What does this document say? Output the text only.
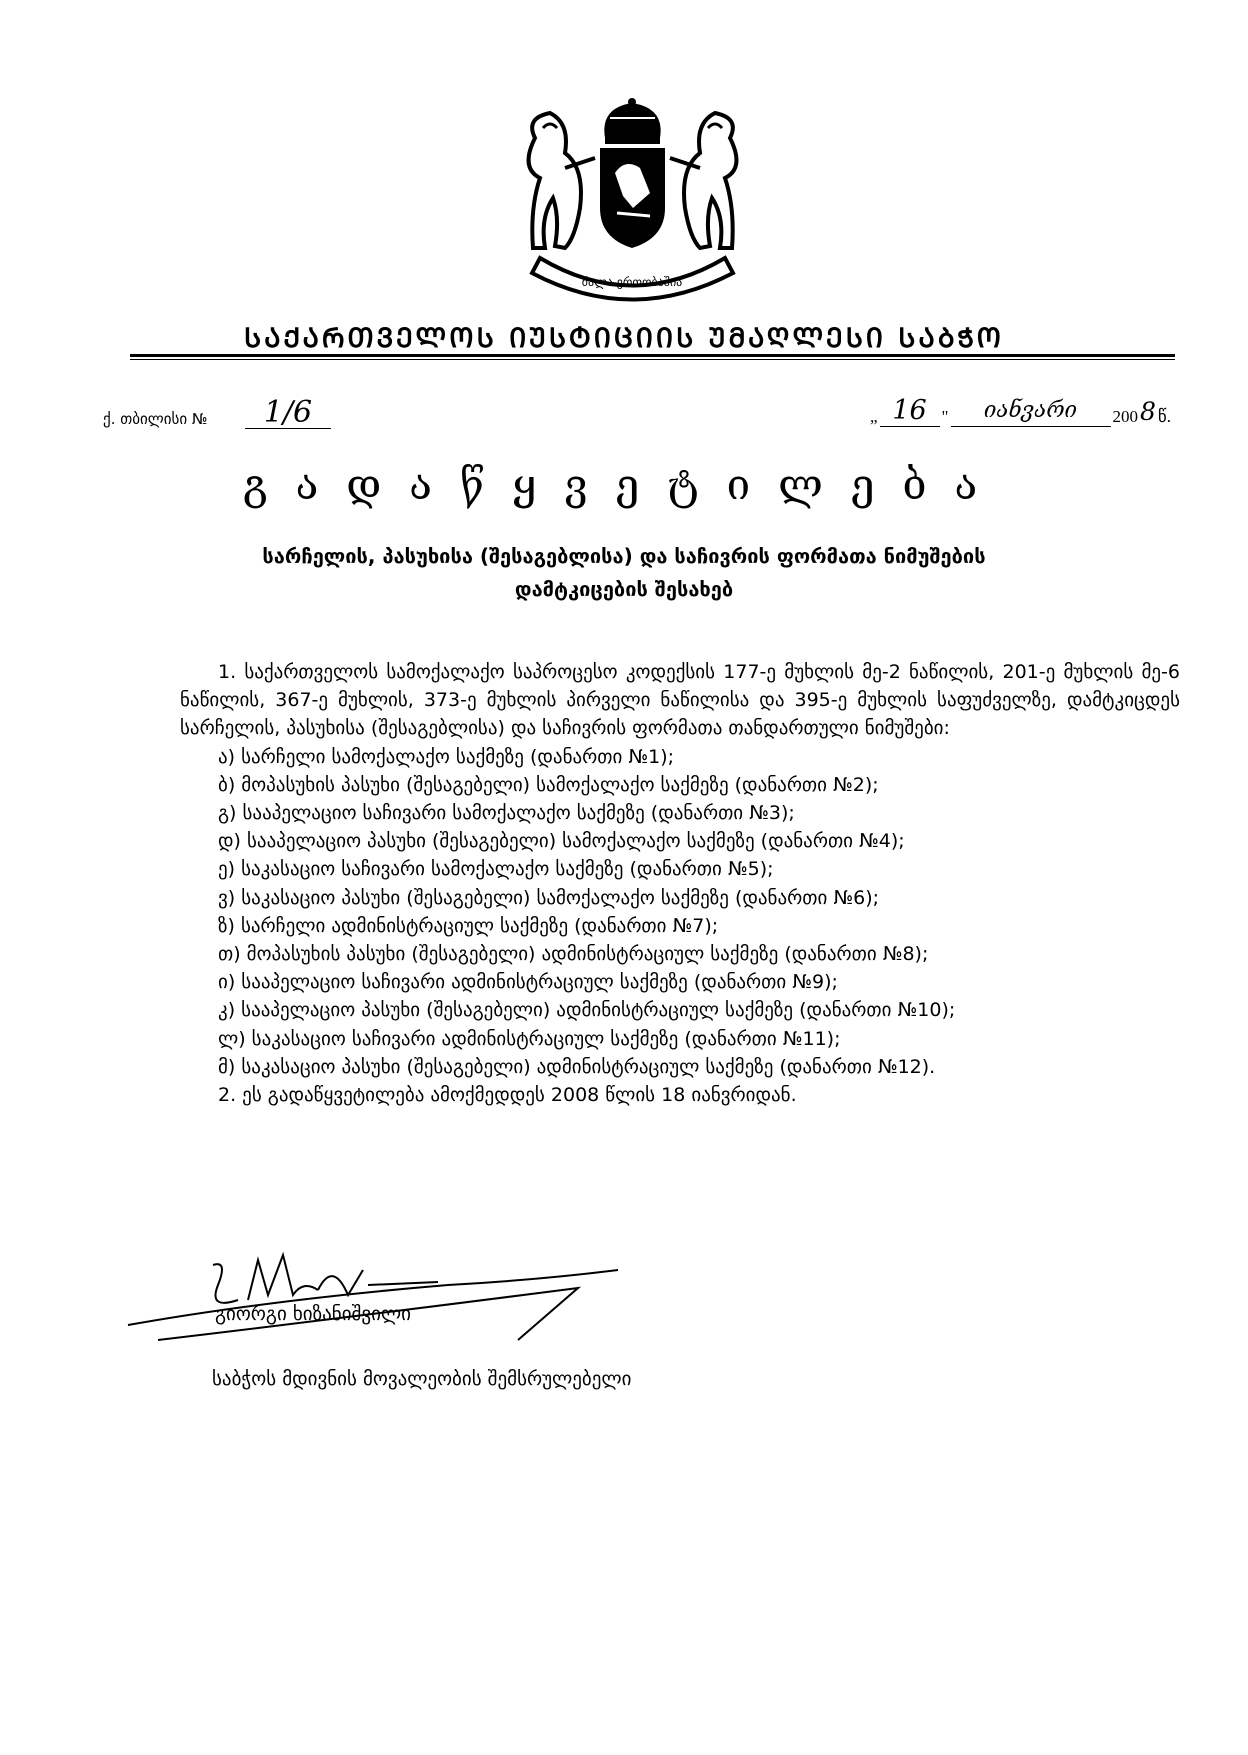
ძალა ერთობაშია
ᲡᲐᲥᲐᲠᲗᲕᲔᲚᲝᲡ ᲘᲣᲡᲢᲘᲪᲘᲘᲡ ᲣᲛᲐᲦᲚᲔᲡᲘ ᲡᲐᲑᲭᲝ
ქ. თბილისი №	1/6	„ 16 "	იანვარი	200 8 წ.
გადაწყვეტილება
სარჩელის, პასუხისა (შესაგებლისა) და საჩივრის ფორმათა ნიმუშების
დამტკიცების შესახებ

1. საქართველოს სამოქალაქო საპროცესო კოდექსის 177-ე მუხლის მე-2 ნაწილის, 201-ე მუხლის მე-6 ნაწილის, 367-ე მუხლის, 373-ე მუხლის პირველი ნაწილისა და 395-ე მუხლის საფუძველზე, დამტკიცდეს სარჩელის, პასუხისა (შესაგებლისა) და საჩივრის ფორმათა თანდართული ნიმუშები:

ა) სარჩელი სამოქალაქო საქმეზე (დანართი №1);

ბ) მოპასუხის პასუხი (შესაგებელი) სამოქალაქო საქმეზე (დანართი №2);

გ) სააპელაციო საჩივარი სამოქალაქო საქმეზე (დანართი №3);

დ) სააპელაციო პასუხი (შესაგებელი) სამოქალაქო საქმეზე (დანართი №4);

ე) საკასაციო საჩივარი სამოქალაქო საქმეზე (დანართი №5);

ვ) საკასაციო პასუხი (შესაგებელი) სამოქალაქო საქმეზე (დანართი №6);

ზ) სარჩელი ადმინისტრაციულ საქმეზე (დანართი №7);

თ) მოპასუხის პასუხი (შესაგებელი) ადმინისტრაციულ საქმეზე (დანართი №8);

ი) სააპელაციო საჩივარი ადმინისტრაციულ საქმეზე (დანართი №9);

კ) სააპელაციო პასუხი (შესაგებელი) ადმინისტრაციულ საქმეზე (დანართი №10);

ლ) საკასაციო საჩივარი ადმინისტრაციულ საქმეზე (დანართი №11);

მ) საკასაციო პასუხი (შესაგებელი) ადმინისტრაციულ საქმეზე (დანართი №12).

2. ეს გადაწყვეტილება ამოქმედდეს 2008 წლის 18 იანვრიდან.

გიორგი ხიზანიშვილი
საბჭოს მდივნის მოვალეობის შემსრულებელი
